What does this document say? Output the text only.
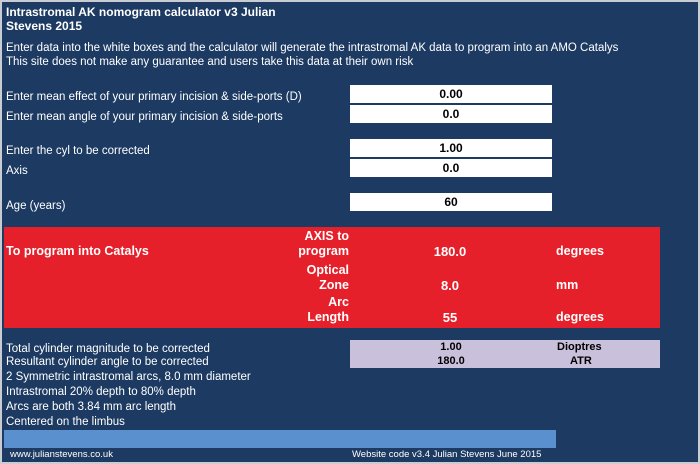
Intrastromal AK nomogram calculator v3 Julian
Stevens 2015
Enter data into the white boxes and the calculator will generate the intrastromal AK data to program into an AMO Catalys
This site does not make any guarantee and users take this data at their own risk
Enter mean effect of your primary incision & side-ports (D)	0.00
Enter mean angle of your primary incision & side-ports	0.0
Enter the cyl to be corrected	1.00
Axis	0.0
Age (years)	60
To program into Catalys
AXIS to
program	180.0	degrees
Optical
Zone	8.0	mm
Arc
Length	55	degrees
Total cylinder magnitude to be corrected	1.00	Dioptres
Resultant cylinder angle to be corrected	180.0	ATR
2 Symmetric intrastromal arcs, 8.0 mm diameter
Intrastromal 20% depth to 80% depth
Arcs are both 3.84 mm arc length
Centered on the limbus
www.julianstevens.co.uk	Website code v3.4 Julian Stevens June 2015
